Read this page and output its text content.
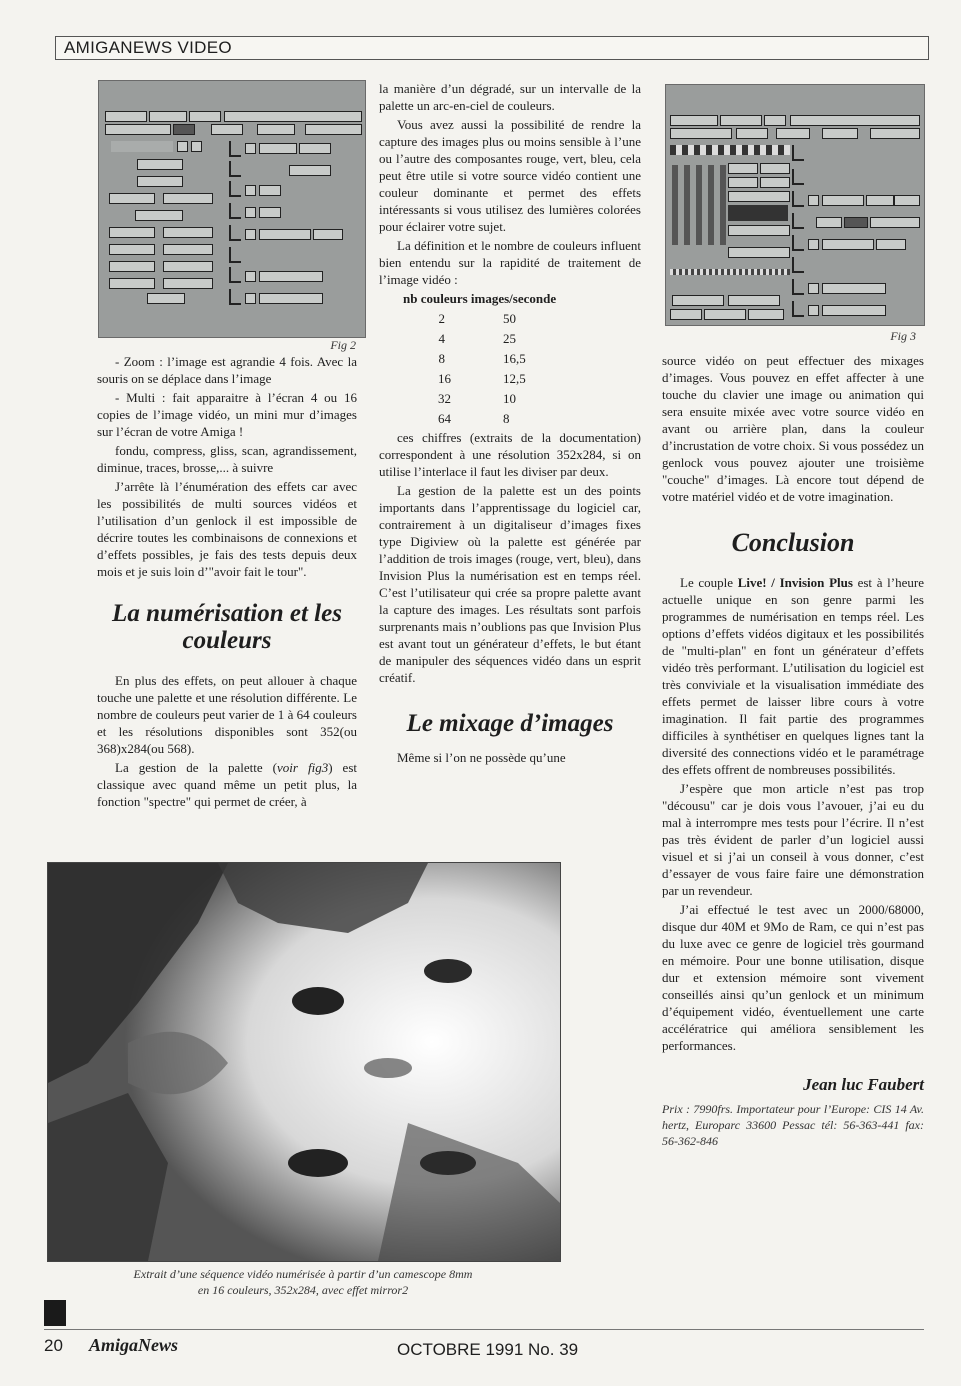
AMIGANEWS VIDEO
Fig 2

- Zoom : l’image est agrandie 4 fois. Avec la souris on se déplace dans l’image

- Multi : fait apparaitre à l’écran 4 ou 16 copies de l’image vidéo, un mini mur d’images sur l’écran de votre Amiga !

fondu, compress, gliss, scan, agrandissement, diminue, traces, brosse,... à suivre

J’arrête là l’énumération des effets car avec les possibilités de multi sources vidéos et l’utilisation d’un genlock il est impossible de décrire toutes les combinaisons de connexions et d’effets possibles, je fais des tests depuis deux mois et je suis loin d’"avoir fait le tour".

La numérisation et les couleurs

En plus des effets, on peut allouer à chaque touche une palette et une résolution différente. Le nombre de couleurs peut varier de 1 à 64 couleurs et les résolutions disponibles sont 352(ou 368)x284(ou 568).

La gestion de la palette (voir fig3) est classique avec quand même un petit plus, la fonction "spectre" qui permet de créer, à

la manière d’un dégradé, sur un intervalle de la palette un arc-en-ciel de couleurs.

Vous avez aussi la possibilité de rendre la capture des images plus ou moins sensible à l’une ou l’autre des composantes rouge, vert, bleu, cela peut être utile si votre source vidéo contient une couleur dominante et permet des effets intéressants si vous utilisez des lumières colorées pour éclairer votre sujet.

La définition et le nombre de couleurs influent bien entendu sur la rapidité de traitement de l’image vidéo :

nb couleurs images/seconde
2	50
4	25
8	16,5
16	12,5
32	10
64	8

ces chiffres (extraits de la documentation) correspondent à une résolution 352x284, si on utilise l’interlace il faut les diviser par deux.

La gestion de la palette est un des points importants dans l’apprentissage du logiciel car, contrairement à un digitaliseur d’images fixes type Digiview où la palette est générée par l’addition de trois images (rouge, vert, bleu), dans Invision Plus la numérisation est en temps réel. C’est l’utilisateur qui crée sa propre palette avant la capture des images. Les résultats sont parfois surprenants mais n’oublions pas que Invision Plus est avant tout un générateur d’effets, le but étant de manipuler des séquences vidéo dans un esprit créatif.

Le mixage d’images

Même si l’on ne possède qu’une

Fig 3

source vidéo on peut effectuer des mixages d’images. Vous pouvez en effet affecter à une touche du clavier une image ou animation qui sera ensuite mixée avec votre source vidéo en avant ou arrière plan, dans la couleur d’incrustation de votre choix. Si vous possédez un genlock vous pouvez ajouter une troisième "couche" d’images. Là encore tout dépend de votre matériel vidéo et de votre imagination.

Conclusion

Le couple Live! / Invision Plus est à l’heure actuelle unique en son genre parmi les programmes de numérisation en temps réel. Les options d’effets vidéos digitaux et les possibilités de "multi-plan" en font un générateur d’effets vidéo très performant. L’utilisation du logiciel est très conviviale et la visualisation immédiate des effets permet de laisser libre cours à votre imagination. Il fait partie des programmes difficiles à synthétiser en quelques lignes tant la diversité des connections vidéo et le paramétrage des effets offrent de nombreuses possibilités.

J’espère que mon article n’est pas trop "décousu" car je dois vous l’avouer, j’ai eu du mal à interrompre mes tests pour l’écrire. Il n’est pas très évident de parler d’un logiciel aussi visuel et si j’ai un conseil à vous donner, c’est d’essayer de vous faire faire une démonstration par un revendeur.

J’ai effectué le test avec un 2000/68000, disque dur 40M et 9Mo de Ram, ce qui n’est pas du luxe avec ce genre de logiciel très gourmand en mémoire. Pour une bonne utilisation, disque dur et extension mémoire sont vivement conseillés ainsi qu’un genlock et un minimum d’équipement vidéo, éventuellement une carte accélératrice qui améliora sensiblement les performances.

Jean luc Faubert
Prix : 7990frs. Importateur pour l’Europe: CIS 14 Av. hertz, Europarc 33600 Pessac tél: 56-363-441 fax: 56-362-846
Extrait d’une séquence vidéo numérisée à partir d’un camescope 8mm
en 16 couleurs, 352x284, avec effet mirror2
20 AmigaNews	OCTOBRE 1991 No. 39
